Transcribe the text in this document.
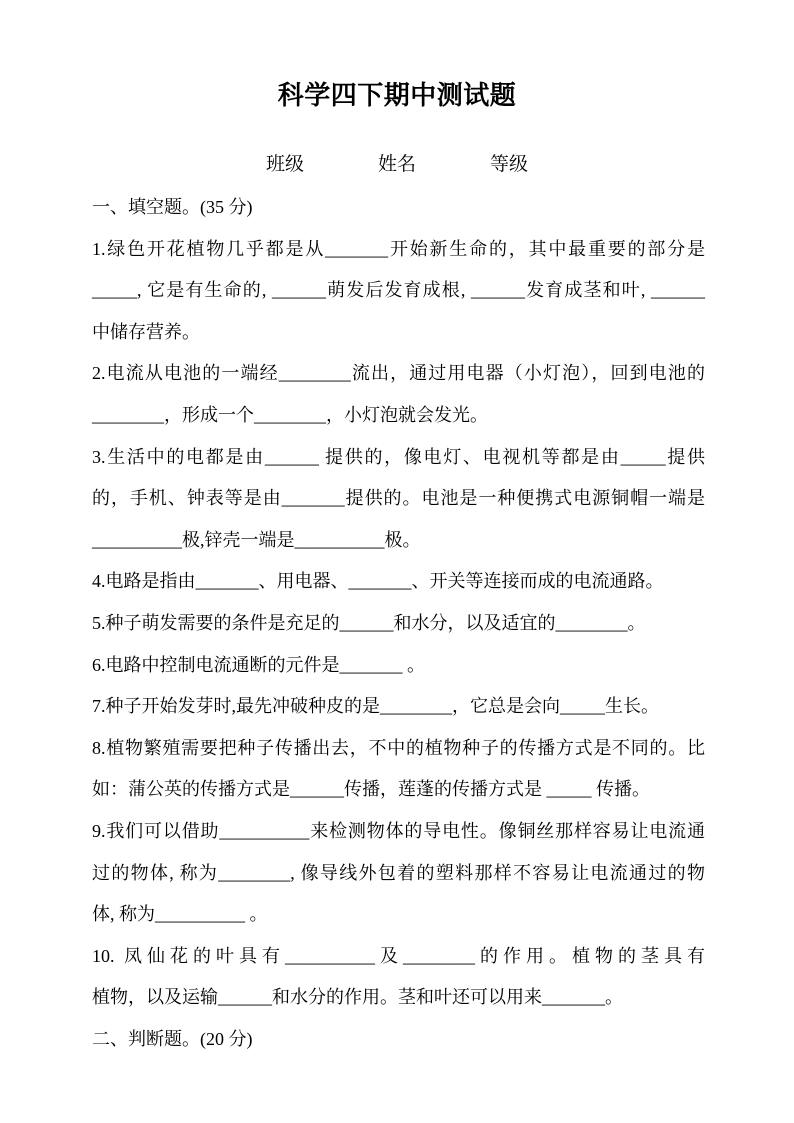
科学四下期中测试题
班级	姓名	等级
一、填空题。(35 分)
1.绿色开花植物几乎都是从_______开始新生命的，其中最重要的部分是
_____, 它是有生命的, ______萌发后发育成根, ______发育成茎和叶, ______
中储存营养。
2.电流从电池的一端经________流出，通过用电器（小灯泡），回到电池的
________，形成一个________，小灯泡就会发光。
3.生活中的电都是由______ 提供的，像电灯、电视机等都是由_____提供
的，手机、钟表等是由_______提供的。电池是一种便携式电源铜帽一端是
__________极,锌壳一端是__________极。
4.电路是指由_______、用电器、_______、开关等连接而成的电流通路。
5.种子萌发需要的条件是充足的______和水分，以及适宜的________。
6.电路中控制电流通断的元件是_______ 。
7.种子开始发芽时,最先冲破种皮的是________，它总是会向_____生长。
8.植物繁殖需要把种子传播出去，不中的植物种子的传播方式是不同的。比
如：蒲公英的传播方式是______传播，莲蓬的传播方式是 _____ 传播。
9.我们可以借助__________来检测物体的导电性。像铜丝那样容易让电流通
过的物体, 称为________, 像导线外包着的塑料那样不容易让电流通过的物
体, 称为__________ 。
10. 凤仙花的叶具有__________及________的作用。植物的茎具有
植物，以及运输______和水分的作用。茎和叶还可以用来_______。
二、判断题。(20 分)
